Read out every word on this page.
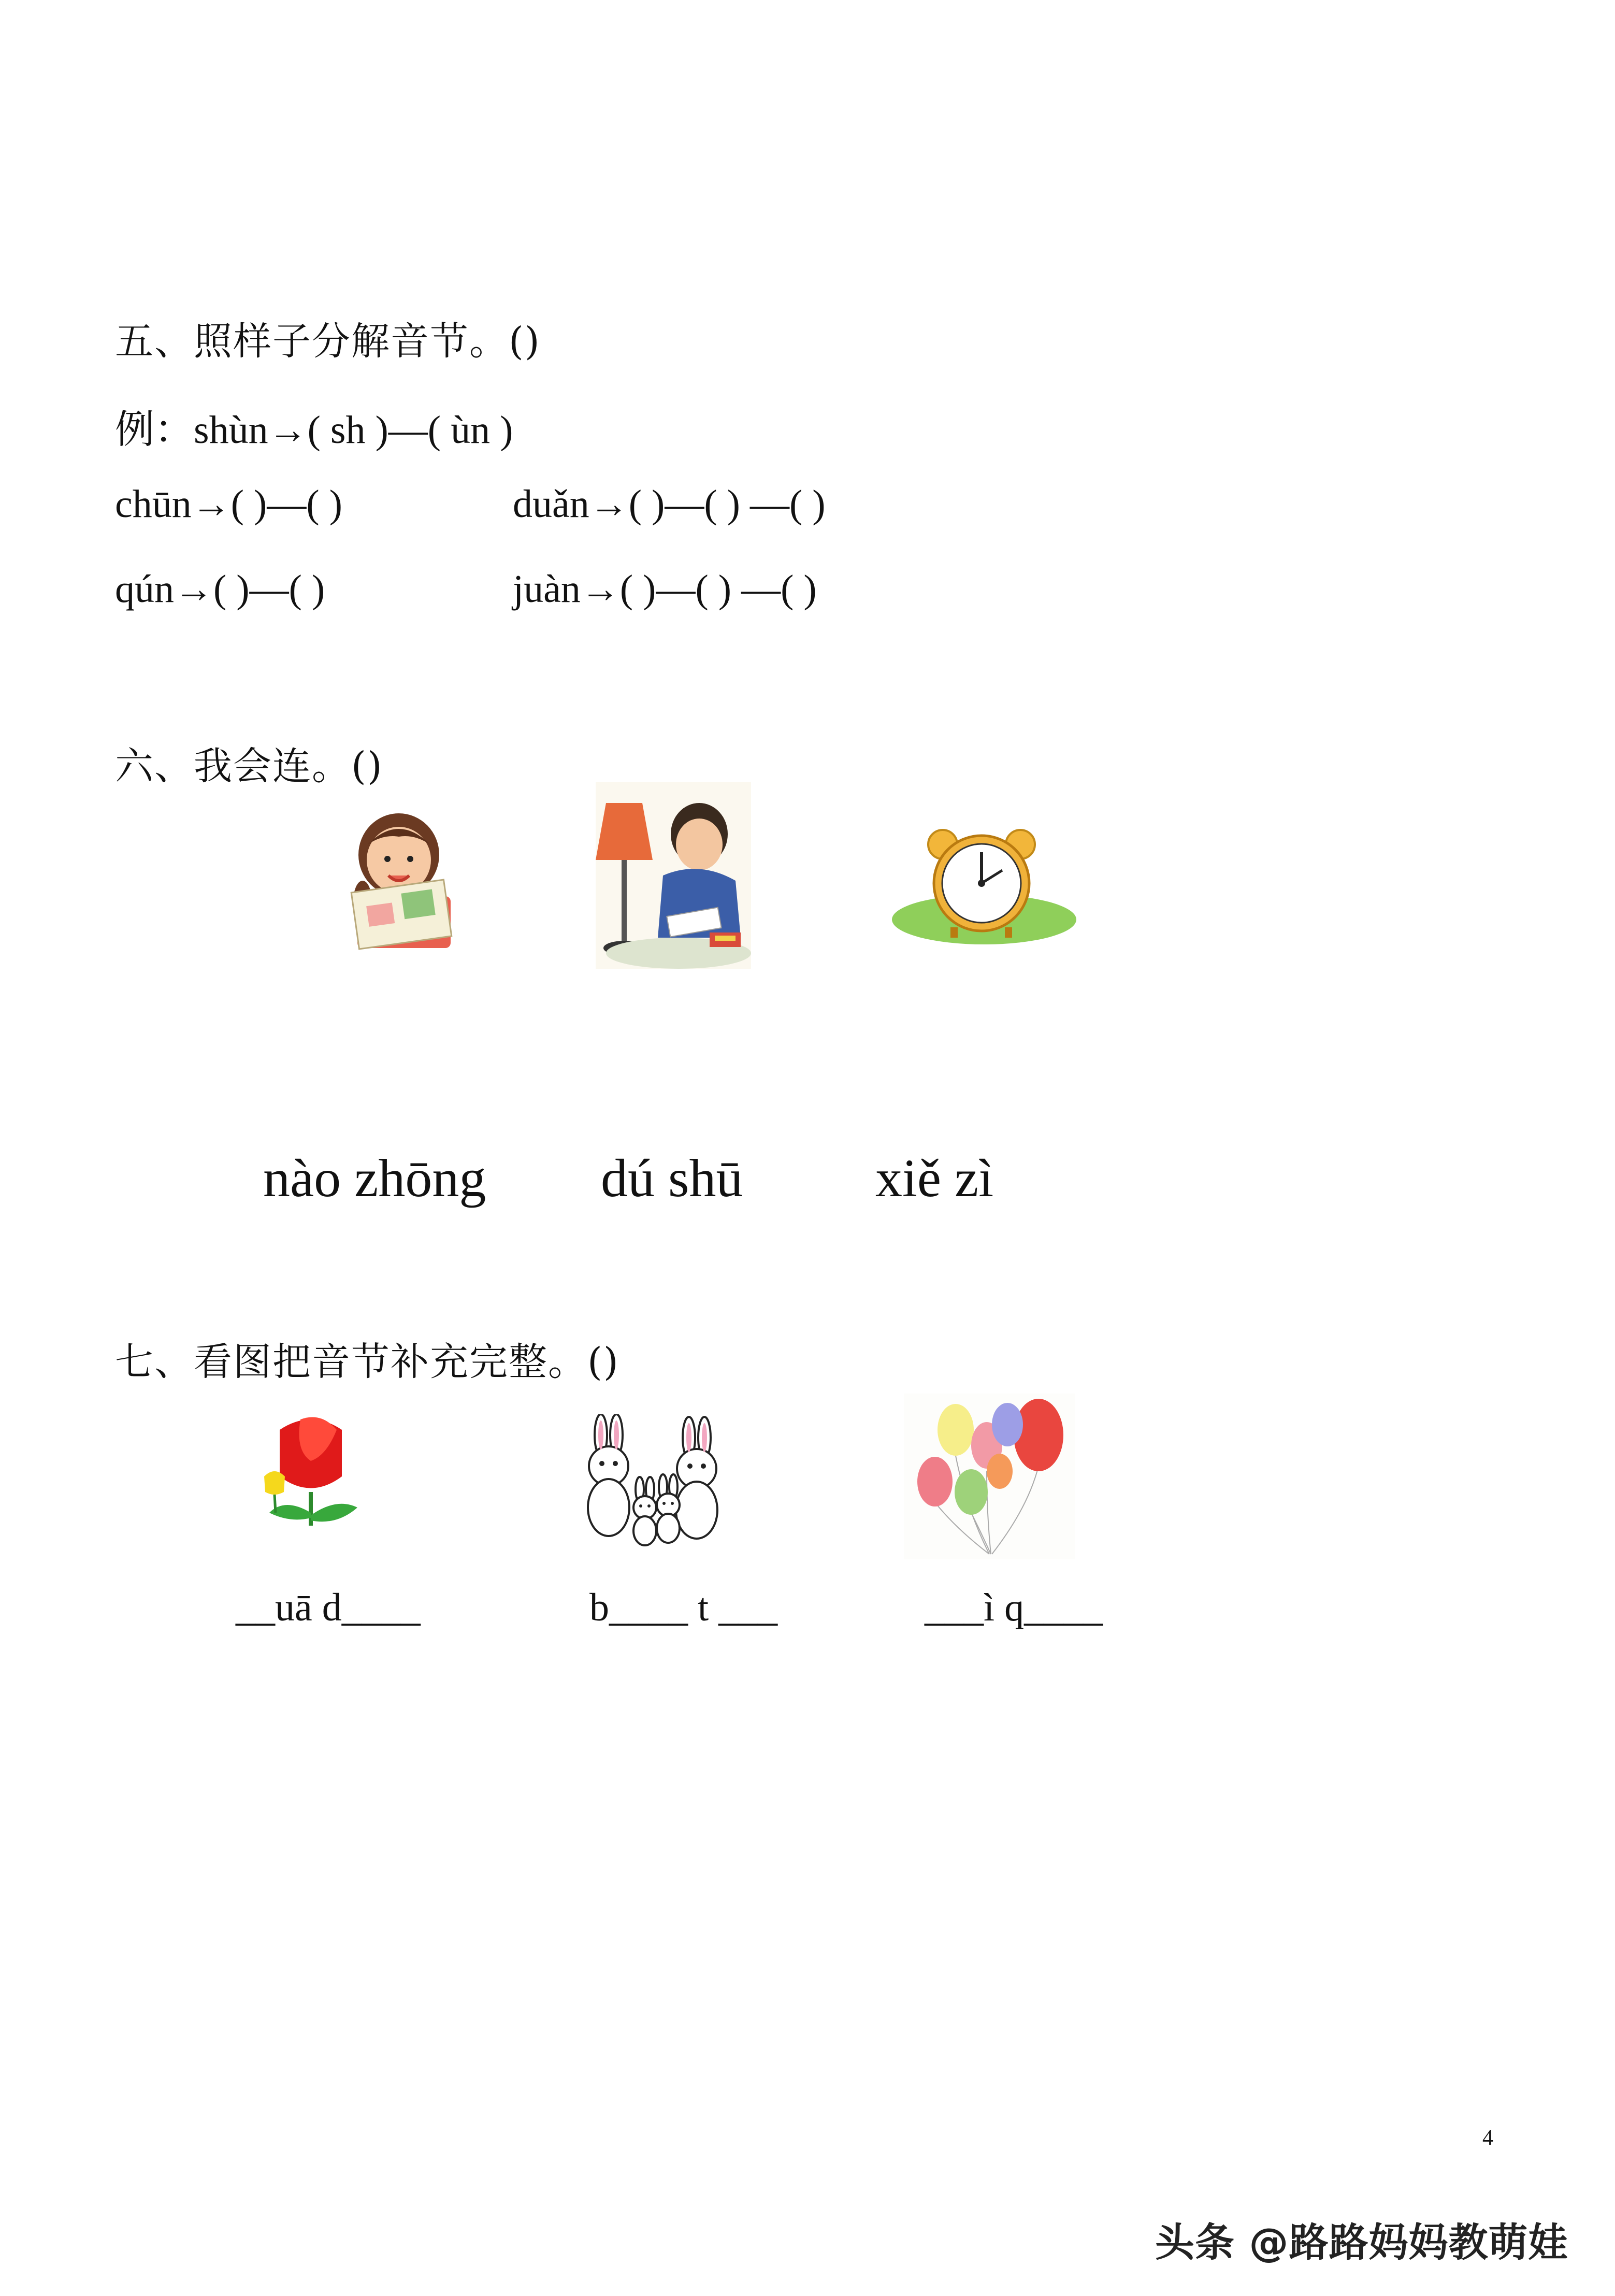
五、照样子分解音节。()
例：shùn→( sh )—( ùn )
chūn→( )—( )	duǎn→( )—( ) —( )
qún→( )—( )	juàn→( )—( ) —( )
六、我会连。()
nào zhōng dú shū xiě zì
七、看图把音节补充完整。()
__uā d____	b____ t ___	___ì q____
4
头条 @路路妈妈教萌娃
